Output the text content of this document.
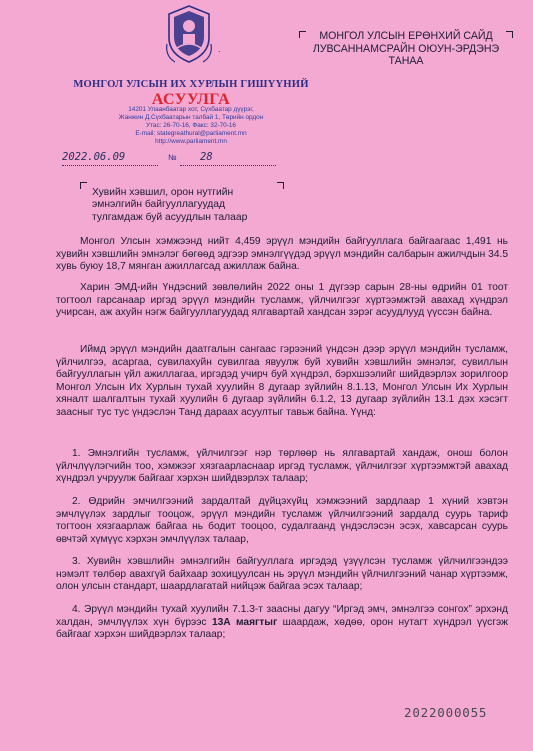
.
МОНГОЛ УЛСЫН ИХ ХУРЛЫН ГИШҮҮНИЙ
АСУУЛГА
14201 Улаанбаатар хот, Сүхбаатар дүүрэг,
Жанжин Д.Сүхбаатарын талбай 1, Төрийн ордон
Утас: 26-70-16, Факс: 32-70-16
E-mail: stategreathural@parliament.mn
http://www.parliament.mn
2022.06.09	№ 28
МОНГОЛ УЛСЫН ЕРӨНХИЙ САЙД ЛУВСАННАМСРАЙН ОЮУН-ЭРДЭНЭ ТАНАА
Хувийн хэвшил, орон нутгийн эмнэлгийн байгууллагуудад тулгамдаж буй асуудлын талаар
Монгол Улсын хэмжээнд нийт 4,459 эрүүл мэндийн байгууллага байгаагаас 1,491 нь хувийн хэвшлийн эмнэлэг бөгөөд эдгээр эмнэлгүүдэд эрүүл мэндийн салбарын ажилчдын 34.5 хувь буюу 18,7 мянган ажиллагсад ажиллаж байна.
Харин ЭМД-ийн Үндэсний зөвлөлийн 2022 оны 1 дүгээр сарын 28-ны өдрийн 01 тоот тогтоол гарсанаар иргэд эрүүл мэндийн тусламж, үйлчилгээг хүртээмжтэй авахад хүндрэл учирсан, аж ахуйн нэгж байгууллагуудад ялгавартай хандсан зэрэг асуудлууд үүссэн байна.
Иймд эрүүл мэндийн даатгалын сангаас гэрээний үндсэн дээр эрүүл мэндийн тусламж, үйлчилгээ, асаргаа, сувилахуйн сувилгаа явуулж буй хувийн хэвшлийн эмнэлэг, сувиллын байгууллагын үйл ажиллагаа, иргэдэд учирч буй хүндрэл, бэрхшээлийг шийдвэрлэх зорилгоор Монгол Улсын Их Хурлын тухай хуулийн 8 дугаар зүйлийн 8.1.13, Монгол Улсын Их Хурлын хяналт шалгалтын тухай хуулийн 6 дугаар зүйлийн 6.1.2, 13 дугаар зүйлийн 13.1 дэх хэсэгт заасныг тус тус үндэслэн Танд дараах асуултыг тавьж байна. Үүнд:
1. Эмнэлгийн тусламж, үйлчилгээг нэр төрлөөр нь ялгавартай хандаж, онош болон үйлчлүүлэгчийн тоо, хэмжээг хязгаарласнаар иргэд тусламж, үйлчилгээг хүртээмжтэй авахад хүндрэл учруулж байгааг хэрхэн шийдвэрлэх талаар;
2. Өдрийн эмчилгээний зардалтай дүйцэхүйц хэмжээний зардлаар 1 хүний хэвтэн эмчлүүлэх зардлыг тооцож, эрүүл мэндийн тусламж үйлчилгээний зардалд суурь тариф тогтоон хязгаарлаж байгаа нь бодит тооцоо, судалгаанд үндэслэсэн эсэх, хавсарсан суурь өвчтэй хүмүүс хэрхэн эмчлүүлэх талаар,
3. Хувийн хэвшлийн эмнэлгийн байгууллага иргэдэд үзүүлсэн тусламж үйлчилгээндээ нэмэлт төлбөр авахгүй байхаар зохицуулсан нь эрүүл мэндийн үйлчилгээний чанар хүртээмж, олон улсын стандарт, шаардлагатай нийцэж байгаа эсэх талаар;
4. Эрүүл мэндийн тухай хуулийн 7.1.3-т заасны дагуу “Иргэд эмч, эмнэлгээ сонгох” эрхэнд халдан, эмчлүүлэх хүн бүрээс 13А маягтыг шаардаж, хөдөө, орон нутагт хүндрэл үүсгэж байгааг хэрхэн шийдвэрлэх талаар;
2022000055
